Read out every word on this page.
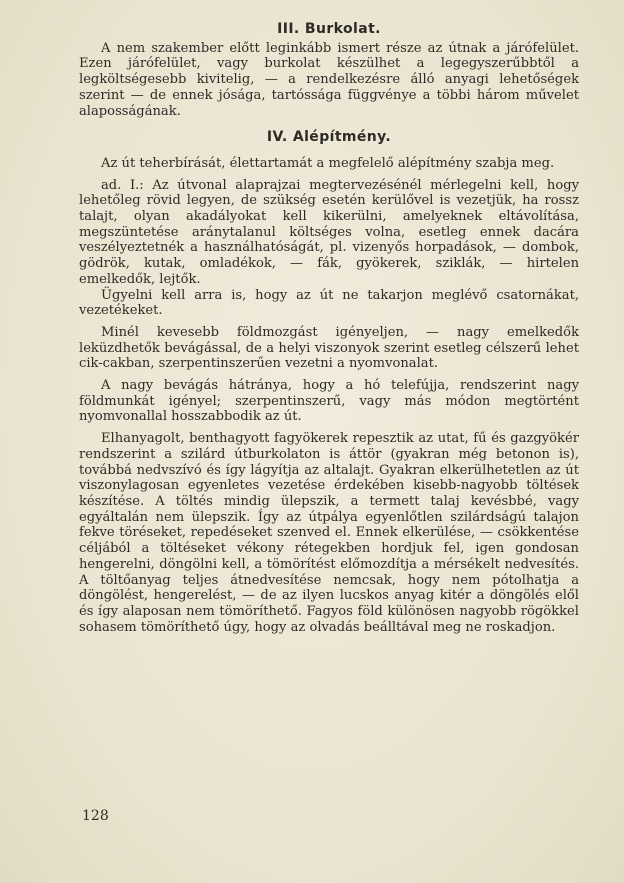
III. Burkolat.

A nem szakember előtt leginkább ismert része az útnak a járófelület. Ezen járófelület, vagy burkolat készülhet a legegyszerűbbtől a legköltségesebb kivitelig, — a rendelkezésre álló anyagi lehetőségek szerint — de ennek jósága, tartóssága függvénye a többi három művelet alaposságának.

IV. Alépítmény.

Az út teherbírását, élettartamát a megfelelő alépítmény szabja meg.

ad. I.: Az útvonal alaprajzai megtervezésénél mérlegelni kell, hogy lehetőleg rövid legyen, de szükség esetén kerülővel is vezetjük, ha rossz talajt, olyan akadályokat kell kikerülni, amelyeknek eltávolítása, megszüntetése aránytalanul költséges volna, esetleg ennek dacára veszélyeztetnék a használhatóságát, pl. vizenyős horpadások, — dombok, gödrök, kutak, omladékok, — fák, gyökerek, sziklák, — hirtelen emelkedők, lejtők.

Ügyelni kell arra is, hogy az út ne takarjon meglévő csatornákat, vezetékeket.

Minél kevesebb földmozgást igényeljen, — nagy emelkedők leküzdhetők bevágással, de a helyi viszonyok szerint esetleg célszerű lehet cik-cakban, szerpentinszerűen vezetni a nyomvonalat.

A nagy bevágás hátránya, hogy a hó telefújja, rendszerint nagy földmunkát igényel; szerpentinszerű, vagy más módon megtörtént nyomvonallal hosszabbodik az út.

Elhanyagolt, benthagyott fagyökerek repesztik az utat, fű és gazgyökér rendszerint a szilárd útburkolaton is áttör (gyakran még betonon is), továbbá nedvszívó és így lágyítja az altalajt. Gyakran elkerülhetetlen az út viszonylagosan egyenletes vezetése érdekében kisebb-nagyobb töltések készítése. A töltés mindig ülepszik, a termett talaj kevésbbé, vagy egyáltalán nem ülepszik. Így az útpálya egyenlőtlen szilárdságú talajon fekve töréseket, repedéseket szenved el. Ennek elkerülése, — csökkentése céljából a töltéseket vékony rétegekben hordjuk fel, igen gondosan hengerelni, döngölni kell, a tömörítést előmozdítja a mérsékelt nedvesítés. A töltőanyag teljes átnedvesítése nemcsak, hogy nem pótolhatja a döngölést, hengerelést, — de az ilyen lucskos anyag kitér a döngölés elől és így alaposan nem tömöríthető. Fagyos föld különösen nagyobb rögökkel sohasem tömöríthető úgy, hogy az olvadás beálltával meg ne roskadjon.

128
